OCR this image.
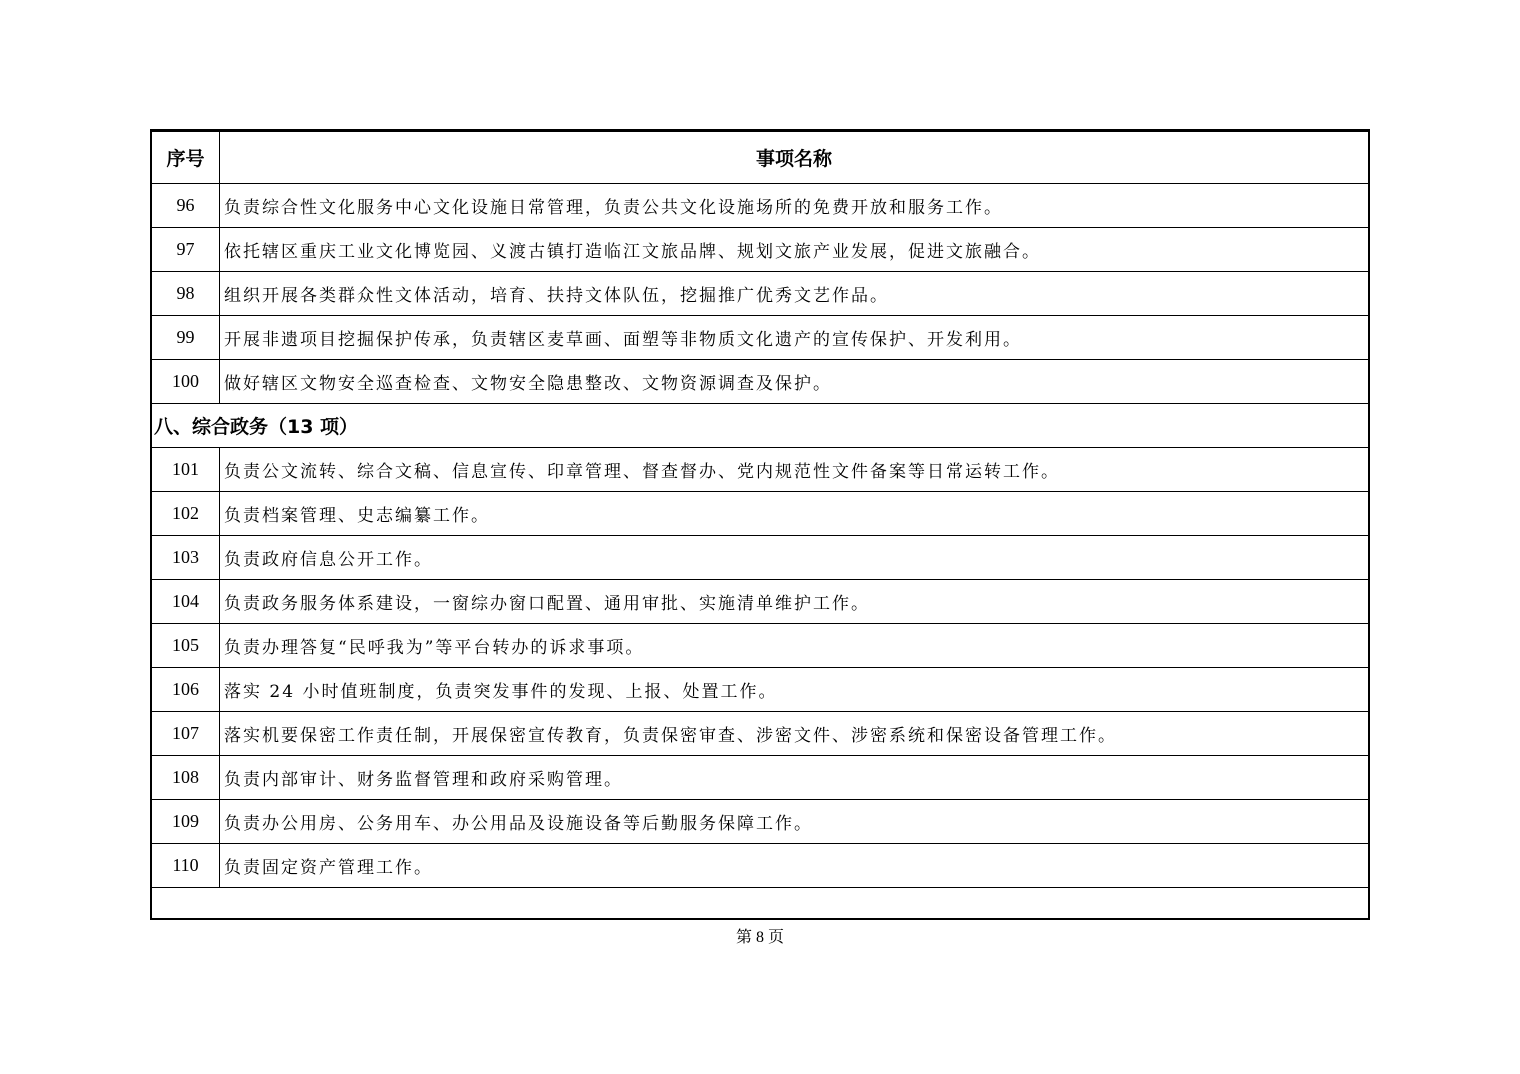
序号	事项名称
96	负责综合性文化服务中心文化设施日常管理，负责公共文化设施场所的免费开放和服务工作。
97	依托辖区重庆工业文化博览园、义渡古镇打造临江文旅品牌、规划文旅产业发展，促进文旅融合。
98	组织开展各类群众性文体活动，培育、扶持文体队伍，挖掘推广优秀文艺作品。
99	开展非遗项目挖掘保护传承，负责辖区麦草画、面塑等非物质文化遗产的宣传保护、开发利用。
100	做好辖区文物安全巡查检查、文物安全隐患整改、文物资源调查及保护。
八、综合政务（13 项）	
101	负责公文流转、综合文稿、信息宣传、印章管理、督查督办、党内规范性文件备案等日常运转工作。
102	负责档案管理、史志编纂工作。
103	负责政府信息公开工作。
104	负责政务服务体系建设，一窗综办窗口配置、通用审批、实施清单维护工作。
105	负责办理答复“民呼我为”等平台转办的诉求事项。
106	落实 24 小时值班制度，负责突发事件的发现、上报、处置工作。
107	落实机要保密工作责任制，开展保密宣传教育，负责保密审查、涉密文件、涉密系统和保密设备管理工作。
108	负责内部审计、财务监督管理和政府采购管理。
109	负责办公用房、公务用车、办公用品及设施设备等后勤服务保障工作。
110	负责固定资产管理工作。
第 8 页
